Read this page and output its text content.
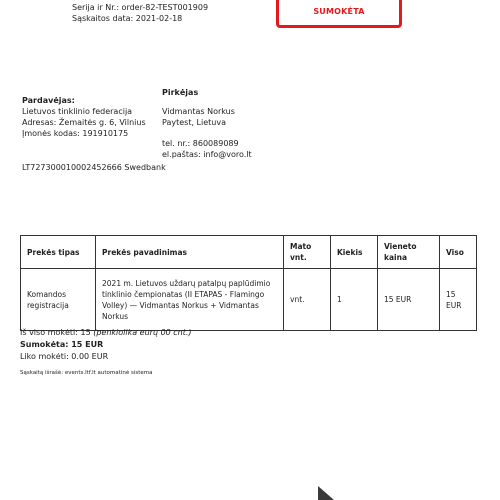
Serija ir Nr.: order-82-TEST001909
Sąskaitos data: 2021-02-18
SUMOKĖTA
Pardavėjas:
Lietuvos tinklinio federacija
Adresas: Žemaitės g. 6, Vilnius
Įmonės kodas: 191910175
LT727300010002452666 Swedbank
Pirkėjas
Vidmantas Norkus
Paytest, Lietuva
tel. nr.: 860089089
el.paštas: info@voro.lt
Prekės tipas	Prekės pavadinimas	Mato vnt.	Kiekis	Vieneto kaina	Viso
Komandos registracija	2021 m. Lietuvos uždarų patalpų paplūdimio tinklinio čempionatas (II ETAPAS - Flamingo Volley) — Vidmantas Norkus + Vidmantas Norkus	vnt.	1	15 EUR	15 EUR
Iš viso mokėti: 15 (penkiolika eurų 00 cnt.)
Sumokėta: 15 EUR
Liko mokėti: 0.00 EUR
Sąskaitą išrašė: events.ltf.lt automatinė sistema
